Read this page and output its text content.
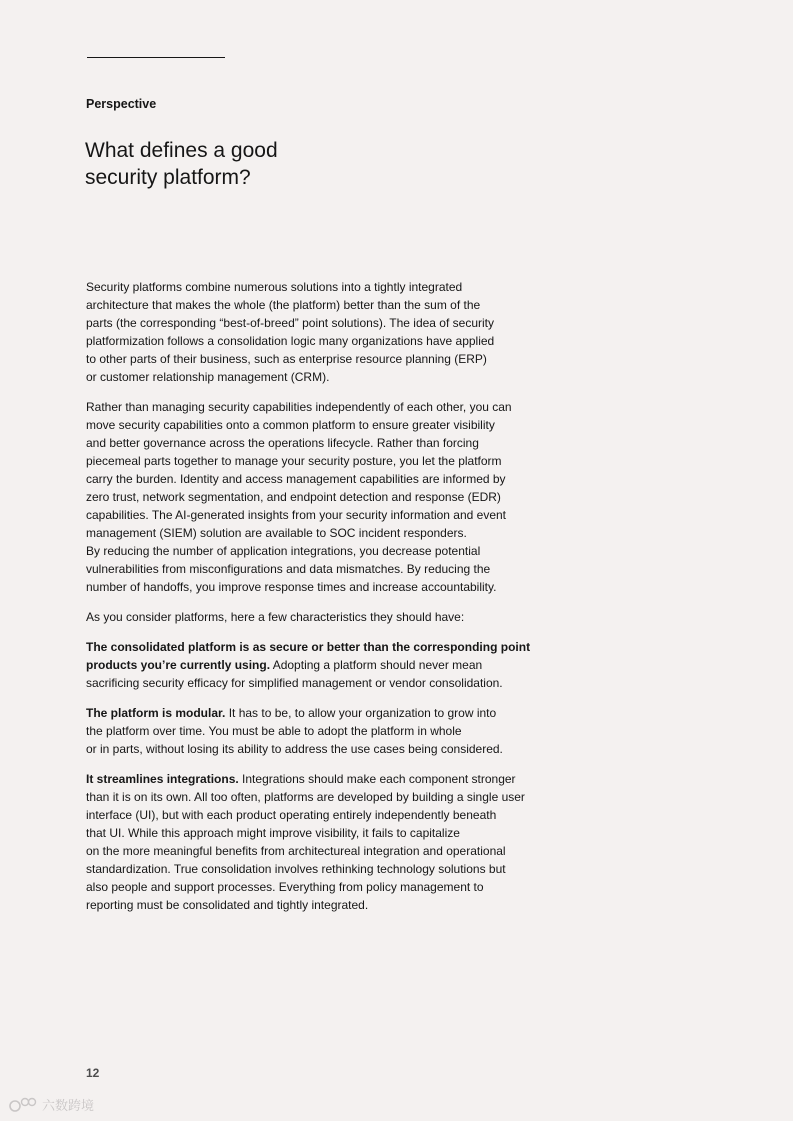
Perspective
What defines a good
security platform?

Security platforms combine numerous solutions into a tightly integrated
architecture that makes the whole (the platform) better than the sum of the
parts (the corresponding “best-of-breed” point solutions). The idea of security
platformization follows a consolidation logic many organizations have applied
to other parts of their business, such as enterprise resource planning (ERP)
or customer relationship management (CRM).

Rather than managing security capabilities independently of each other, you can
move security capabilities onto a common platform to ensure greater visibility
and better governance across the operations lifecycle. Rather than forcing
piecemeal parts together to manage your security posture, you let the platform
carry the burden. Identity and access management capabilities are informed by
zero trust, network segmentation, and endpoint detection and response (EDR)
capabilities. The AI-generated insights from your security information and event
management (SIEM) solution are available to SOC incident responders.
By reducing the number of application integrations, you decrease potential
vulnerabilities from misconfigurations and data mismatches. By reducing the
number of handoffs, you improve response times and increase accountability.

As you consider platforms, here a few characteristics they should have:

The consolidated platform is as secure or better than the corresponding point
products you’re currently using. Adopting a platform should never mean
sacrificing security efficacy for simplified management or vendor consolidation.

The platform is modular. It has to be, to allow your organization to grow into
the platform over time. You must be able to adopt the platform in whole
or in parts, without losing its ability to address the use cases being considered.

It streamlines integrations. Integrations should make each component stronger
than it is on its own. All too often, platforms are developed by building a single user
interface (UI), but with each product operating entirely independently beneath
that UI. While this approach might improve visibility, it fails to capitalize
on the more meaningful benefits from architectureal integration and operational
standardization. True consolidation involves rethinking technology solutions but
also people and support processes. Everything from policy management to
reporting must be consolidated and tightly integrated.

12
六数跨境
